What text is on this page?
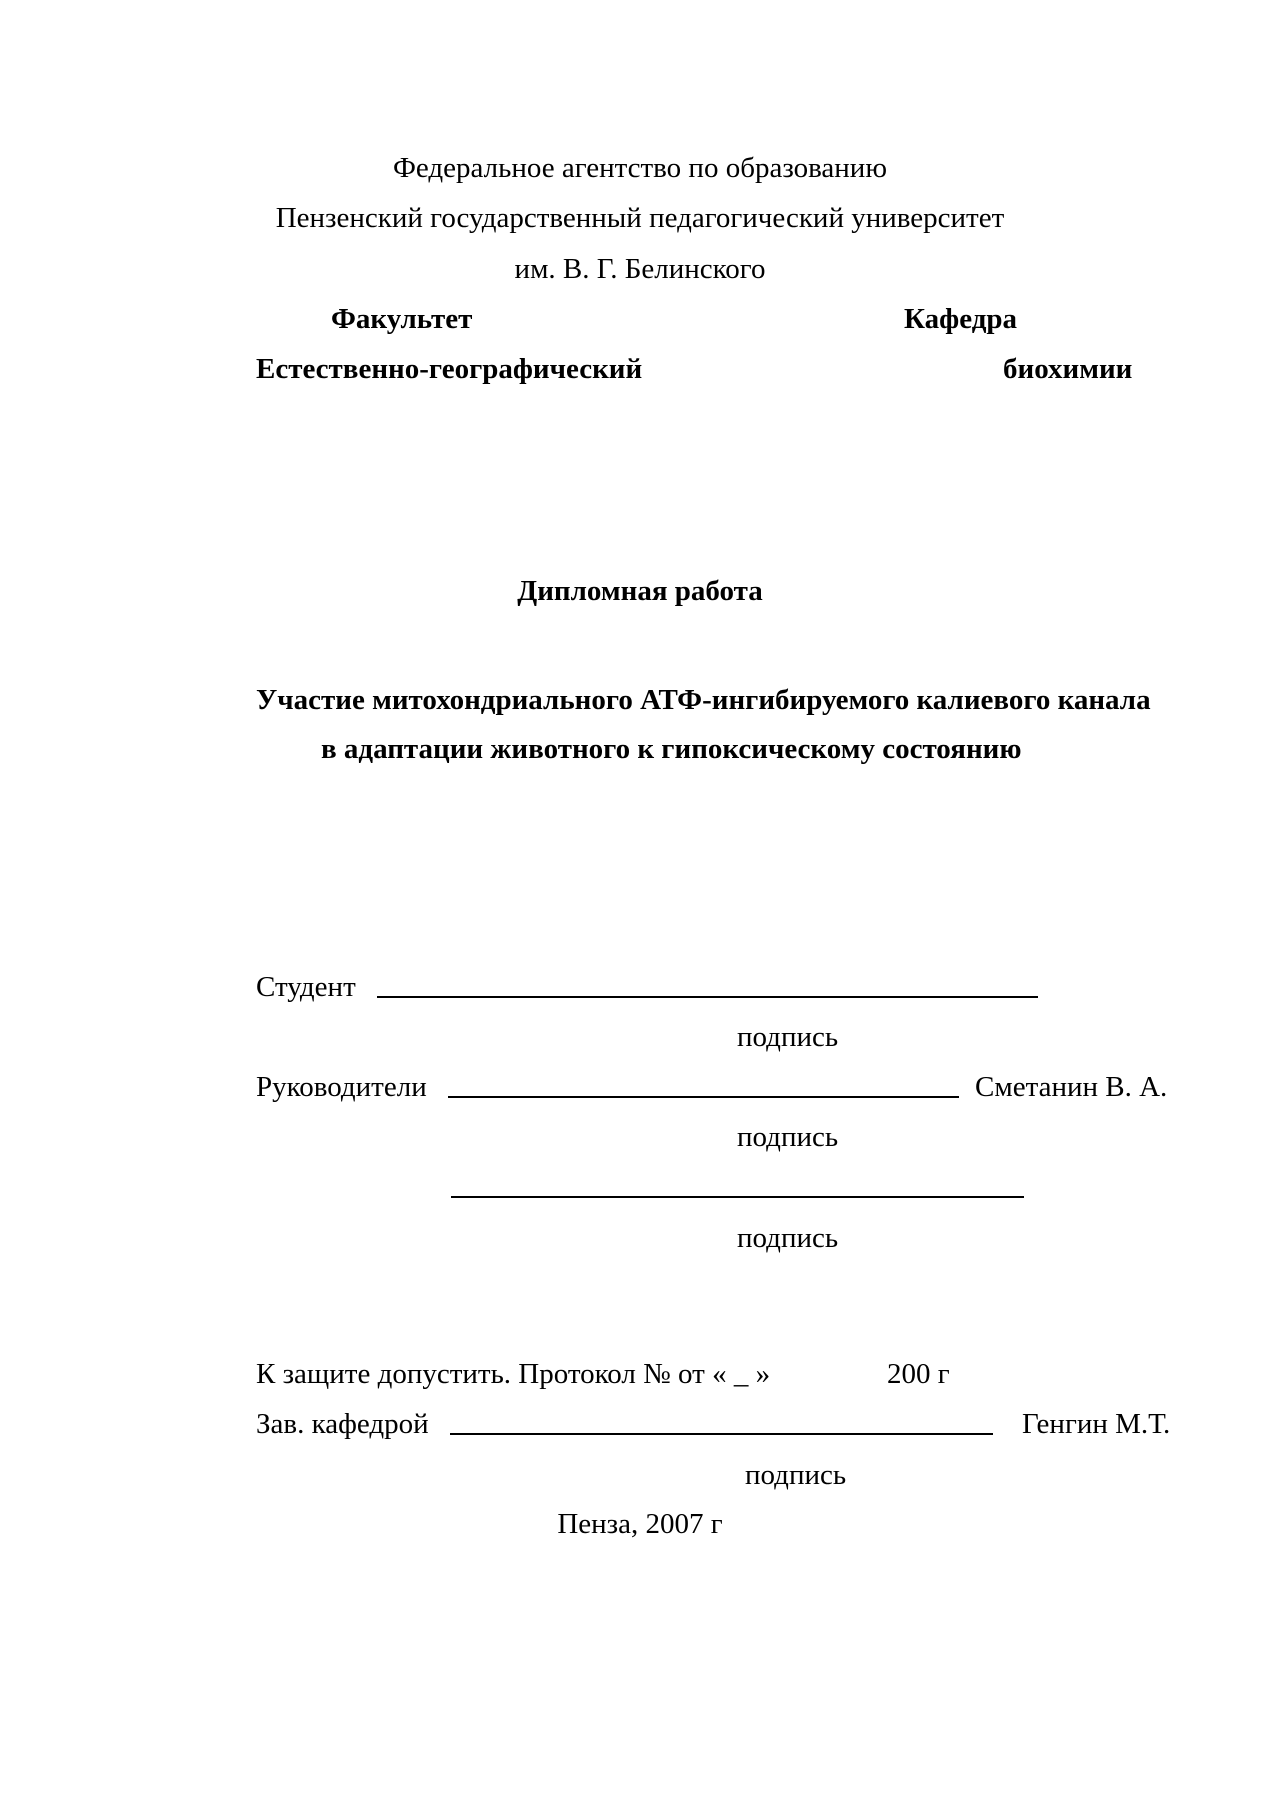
Федеральное агентство по образованию
Пензенский государственный педагогический университет
им. В. Г. Белинского
Факультет	Кафедра
Естественно-географический	биохимии
Дипломная работа
Участие митохондриального АТФ-ингибируемого калиевого канала
в адаптации животного к гипоксическому состоянию
Студент
подпись
Руководители	Сметанин В. А.
подпись
подпись
К защите допустить. Протокол № от « _ »	200 г
Зав. кафедрой	Генгин М.Т.
подпись
Пенза, 2007 г
